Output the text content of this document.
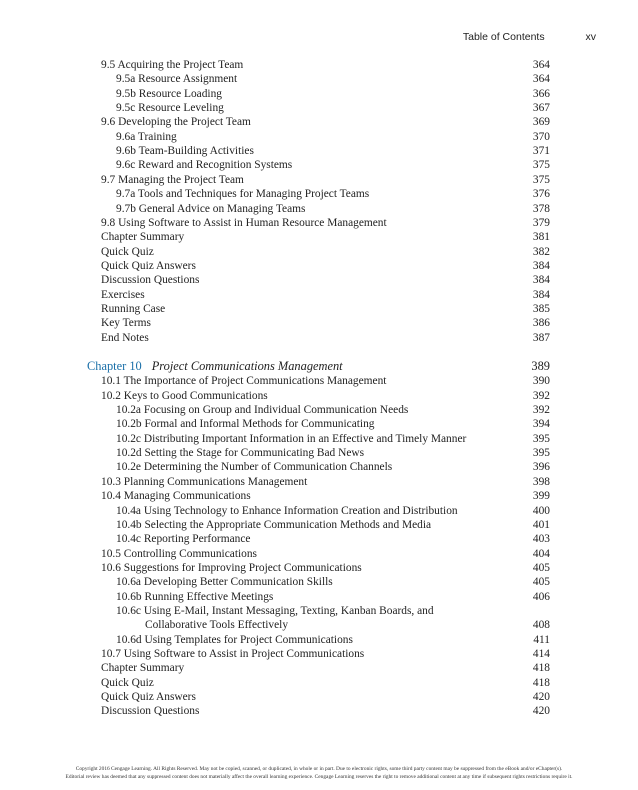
Table of Contents	xv
9.5 Acquiring the Project Team	364
9.5a Resource Assignment	364
9.5b Resource Loading	366
9.5c Resource Leveling	367
9.6 Developing the Project Team	369
9.6a Training	370
9.6b Team-Building Activities	371
9.6c Reward and Recognition Systems	375
9.7 Managing the Project Team	375
9.7a Tools and Techniques for Managing Project Teams	376
9.7b General Advice on Managing Teams	378
9.8 Using Software to Assist in Human Resource Management	379
Chapter Summary	381
Quick Quiz	382
Quick Quiz Answers	384
Discussion Questions	384
Exercises	384
Running Case	385
Key Terms	386
End Notes	387
Chapter 10 Project Communications Management	389
10.1 The Importance of Project Communications Management	390
10.2 Keys to Good Communications	392
10.2a Focusing on Group and Individual Communication Needs	392
10.2b Formal and Informal Methods for Communicating	394
10.2c Distributing Important Information in an Effective and Timely Manner	395
10.2d Setting the Stage for Communicating Bad News	395
10.2e Determining the Number of Communication Channels	396
10.3 Planning Communications Management	398
10.4 Managing Communications	399
10.4a Using Technology to Enhance Information Creation and Distribution	400
10.4b Selecting the Appropriate Communication Methods and Media	401
10.4c Reporting Performance	403
10.5 Controlling Communications	404
10.6 Suggestions for Improving Project Communications	405
10.6a Developing Better Communication Skills	405
10.6b Running Effective Meetings	406
10.6c Using E-Mail, Instant Messaging, Texting, Kanban Boards, and
Collaborative Tools Effectively	408
10.6d Using Templates for Project Communications	411
10.7 Using Software to Assist in Project Communications	414
Chapter Summary	418
Quick Quiz	418
Quick Quiz Answers	420
Discussion Questions	420
Copyright 2016 Cengage Learning. All Rights Reserved. May not be copied, scanned, or duplicated, in whole or in part. Due to electronic rights, some third party content may be suppressed from the eBook and/or eChapter(s).
Editorial review has deemed that any suppressed content does not materially affect the overall learning experience. Cengage Learning reserves the right to remove additional content at any time if subsequent rights restrictions require it.
